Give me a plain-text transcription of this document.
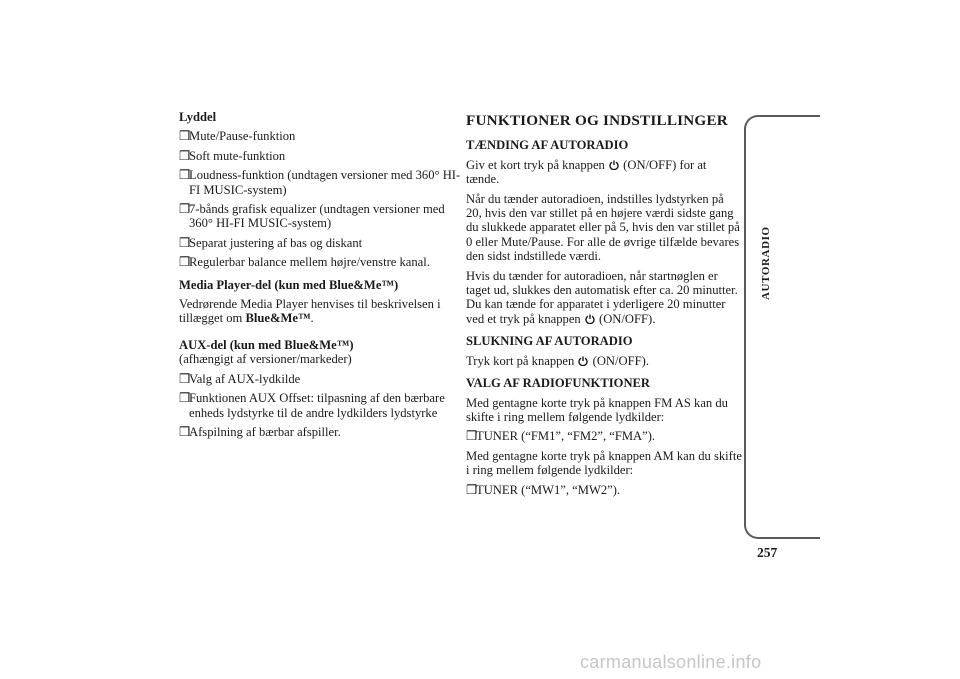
Lyddel

❒
Mute/Pause-funktion
❒
Soft mute-funktion
❒
Loudness-funktion (undtagen versioner med 360° HI-FI MUSIC-system)
❒
7-bånds grafisk equalizer (undtagen versioner med 360° HI-FI MUSIC-system)
❒
Separat justering af bas og diskant
❒
Regulerbar balance mellem højre/venstre kanal.

Media Player-del (kun med Blue&Me™)

Vedrørende Media Player henvises til beskrivelsen i tillægget om Blue&Me™.

AUX-del (kun med Blue&Me™)

(afhængigt af versioner/markeder)

❒
Valg af AUX-lydkilde
❒
Funktionen AUX Offset: tilpasning af den bærbare enheds lydstyrke til de andre lydkilders lydstyrke
❒
Afspilning af bærbar afspiller.
FUNKTIONER OG INDSTILLINGER

TÆNDING AF AUTORADIO

Giv et kort tryk på knappen (ON/OFF) for at tænde.

Når du tænder autoradioen, indstilles lydstyrken på 20, hvis den var stillet på en højere værdi sidste gang du slukkede apparatet eller på 5, hvis den var stillet på 0 eller Mute/Pause. For alle de øvrige tilfælde bevares den sidst indstillede værdi.

Hvis du tænder for autoradioen, når startnøglen er taget ud, slukkes den automatisk efter ca. 20 minutter. Du kan tænde for apparatet i yderligere 20 minutter ved et tryk på knappen (ON/OFF).

SLUKNING AF AUTORADIO

Tryk kort på knappen (ON/OFF).

VALG AF RADIOFUNKTIONER

Med gentagne korte tryk på knappen FM AS kan du skifte i ring mellem følgende lydkilder:

❒
TUNER (“FM1”, “FM2”, “FMA”).

Med gentagne korte tryk på knappen AM kan du skifte i ring mellem følgende lydkilder:

❒
TUNER (“MW1”, “MW2”).
AUTORADIO
257
carmanualsonline.info
